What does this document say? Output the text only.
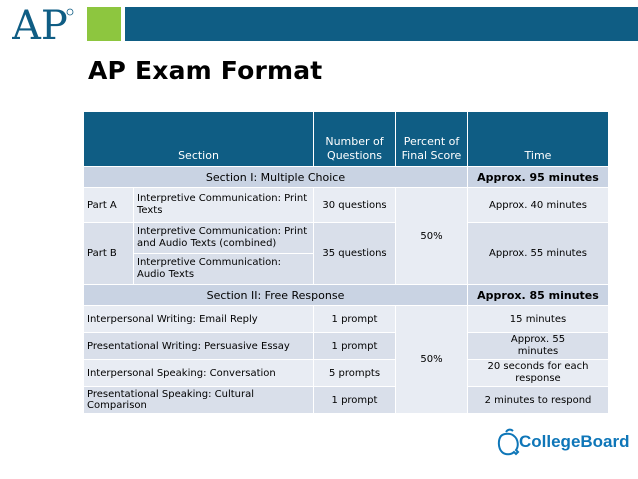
AP
AP Exam Format
Section		Number of Questions	Percent of Final Score	Time
Section I: Multiple Choice				Approx. 95 minutes
Part A	Interpretive Communication: Print Texts	30 questions	50%	Approx. 40 minutes
Part B	Interpretive Communication: Print and Audio Texts (combined)	35 questions		Approx. 55 minutes
	Interpretive Communication: Audio Texts			
Section II: Free Response				Approx. 85 minutes
Interpersonal Writing: Email Reply		1 prompt	50%	15 minutes
Presentational Writing: Persuasive Essay		1 prompt		Approx. 55 minutes
Interpersonal Speaking: Conversation		5 prompts		20 seconds for each response
Presentational Speaking: Cultural Comparison		1 prompt		2 minutes to respond
CollegeBoard
